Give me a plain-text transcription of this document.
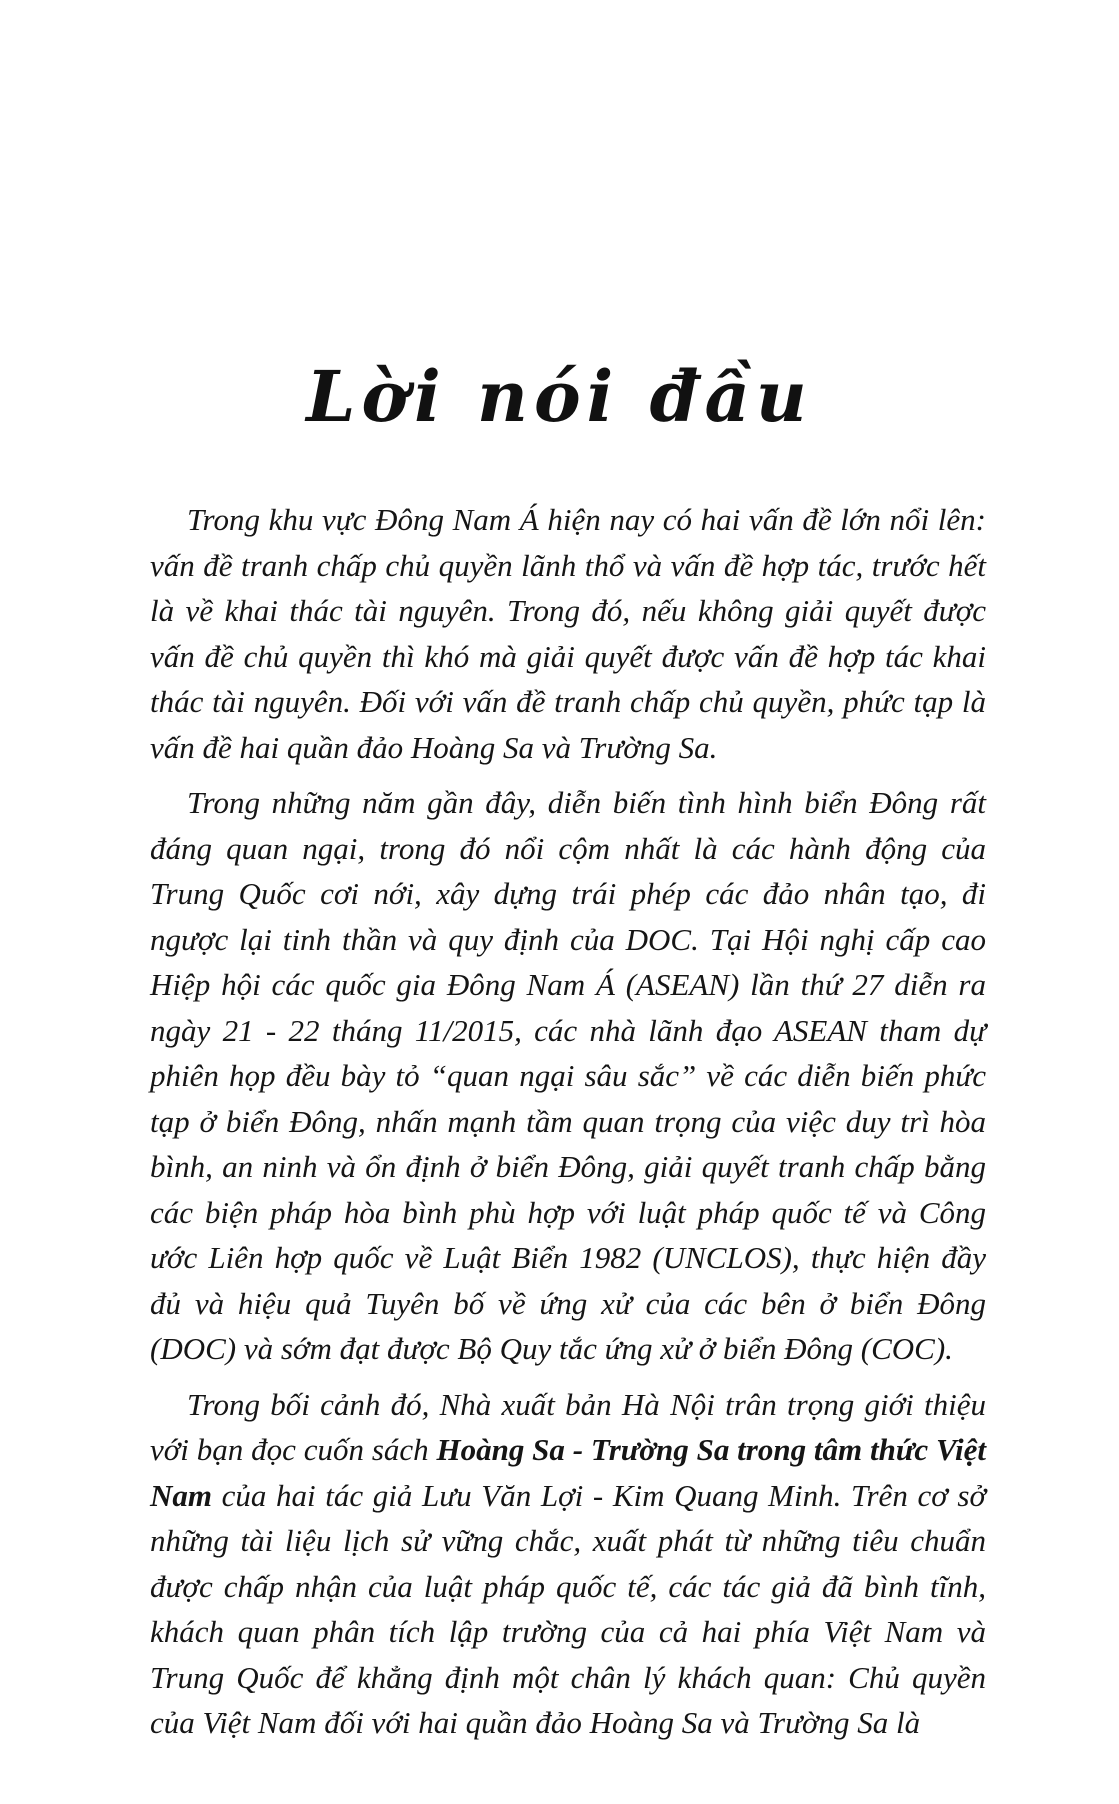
Lời nói đầu

Trong khu vực Đông Nam Á hiện nay có hai vấn đề lớn nổi lên: vấn đề tranh chấp chủ quyền lãnh thổ và vấn đề hợp tác, trước hết là về khai thác tài nguyên. Trong đó, nếu không giải quyết được vấn đề chủ quyền thì khó mà giải quyết được vấn đề hợp tác khai thác tài nguyên. Đối với vấn đề tranh chấp chủ quyền, phức tạp là vấn đề hai quần đảo Hoàng Sa và Trường Sa.

Trong những năm gần đây, diễn biến tình hình biển Đông rất đáng quan ngại, trong đó nổi cộm nhất là các hành động của Trung Quốc cơi nới, xây dựng trái phép các đảo nhân tạo, đi ngược lại tinh thần và quy định của DOC. Tại Hội nghị cấp cao Hiệp hội các quốc gia Đông Nam Á (ASEAN) lần thứ 27 diễn ra ngày 21 - 22 tháng 11/2015, các nhà lãnh đạo ASEAN tham dự phiên họp đều bày tỏ “quan ngại sâu sắc” về các diễn biến phức tạp ở biển Đông, nhấn mạnh tầm quan trọng của việc duy trì hòa bình, an ninh và ổn định ở biển Đông, giải quyết tranh chấp bằng các biện pháp hòa bình phù hợp với luật pháp quốc tế và Công ước Liên hợp quốc về Luật Biển 1982 (UNCLOS), thực hiện đầy đủ và hiệu quả Tuyên bố về ứng xử của các bên ở biển Đông (DOC) và sớm đạt được Bộ Quy tắc ứng xử ở biển Đông (COC).

Trong bối cảnh đó, Nhà xuất bản Hà Nội trân trọng giới thiệu với bạn đọc cuốn sách Hoàng Sa - Trường Sa trong tâm thức Việt Nam của hai tác giả Lưu Văn Lợi - Kim Quang Minh. Trên cơ sở những tài liệu lịch sử vững chắc, xuất phát từ những tiêu chuẩn được chấp nhận của luật pháp quốc tế, các tác giả đã bình tĩnh, khách quan phân tích lập trường của cả hai phía Việt Nam và Trung Quốc để khẳng định một chân lý khách quan: Chủ quyền của Việt Nam đối với hai quần đảo Hoàng Sa và Trường Sa là
